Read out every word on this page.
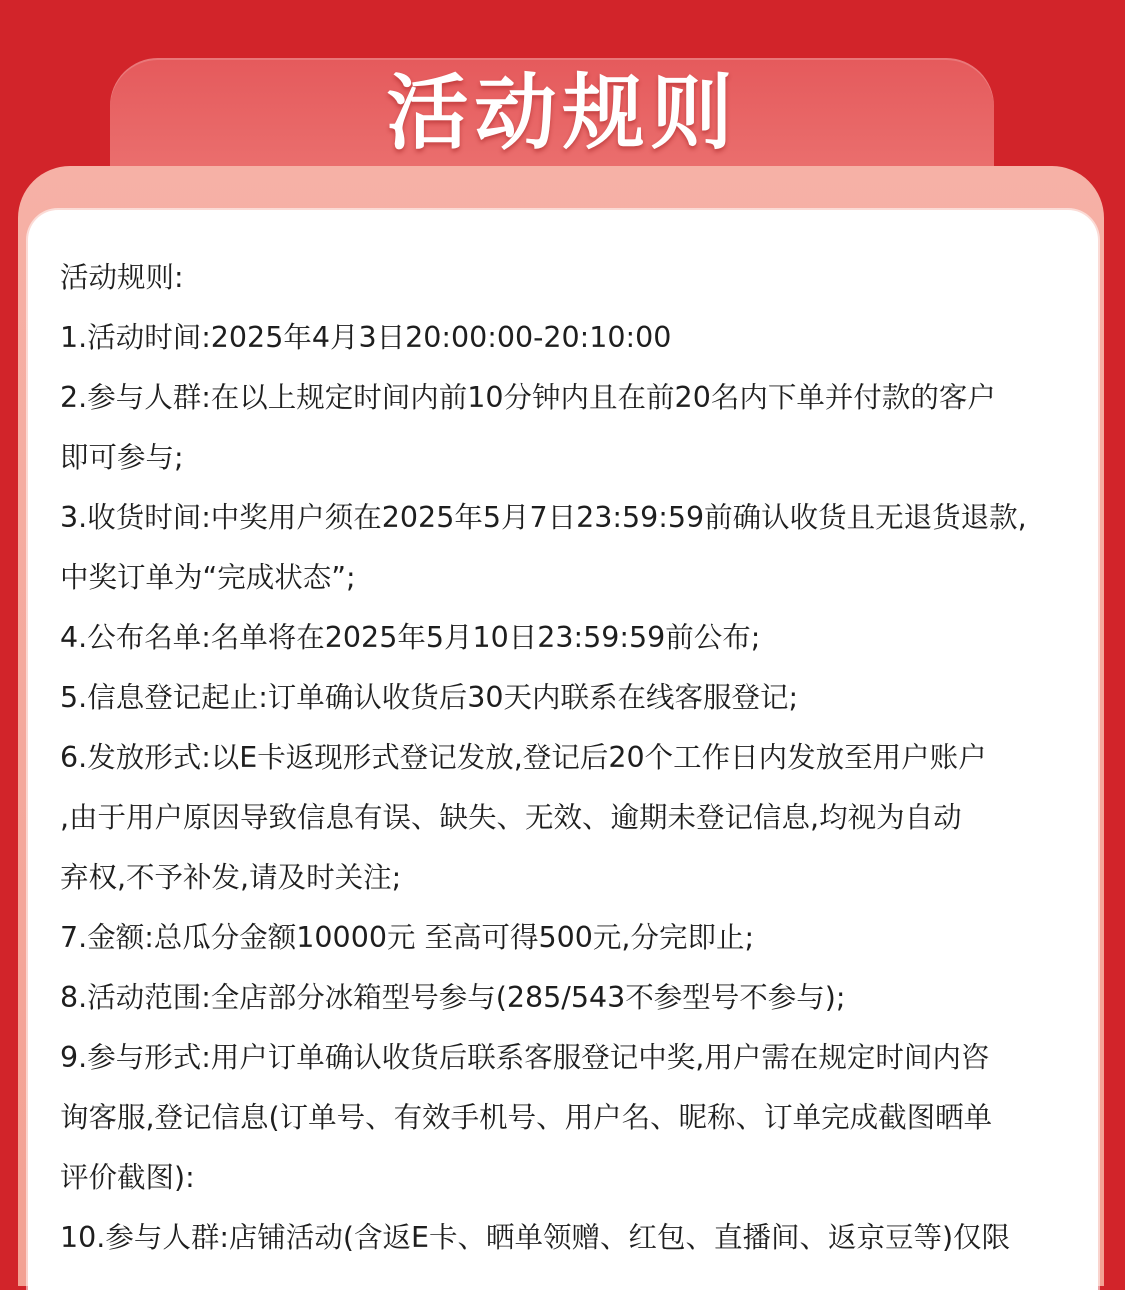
活动规则
活动规则:
1.活动时间:2025年4月3日20:00:00-20:10:00
2.参与人群:在以上规定时间内前10分钟内且在前20名内下单并付款的客户
即可参与;
3.收货时间:中奖用户须在2025年5月7日23:59:59前确认收货且无退货退款,
中奖订单为“完成状态”;
4.公布名单:名单将在2025年5月10日23:59:59前公布;
5.信息登记起止:订单确认收货后30天内联系在线客服登记;
6.发放形式:以E卡返现形式登记发放,登记后20个工作日内发放至用户账户
,由于用户原因导致信息有误、缺失、无效、逾期未登记信息,均视为自动
弃权,不予补发,请及时关注;
7.金额:总瓜分金额10000元 至高可得500元,分完即止;
8.活动范围:全店部分冰箱型号参与(285/543不参型号不参与);
9.参与形式:用户订单确认收货后联系客服登记中奖,用户需在规定时间内咨
询客服,登记信息(订单号、有效手机号、用户名、昵称、订单完成截图晒单
评价截图):
10.参与人群:店铺活动(含返E卡、晒单领赠、红包、直播间、返京豆等)仅限
